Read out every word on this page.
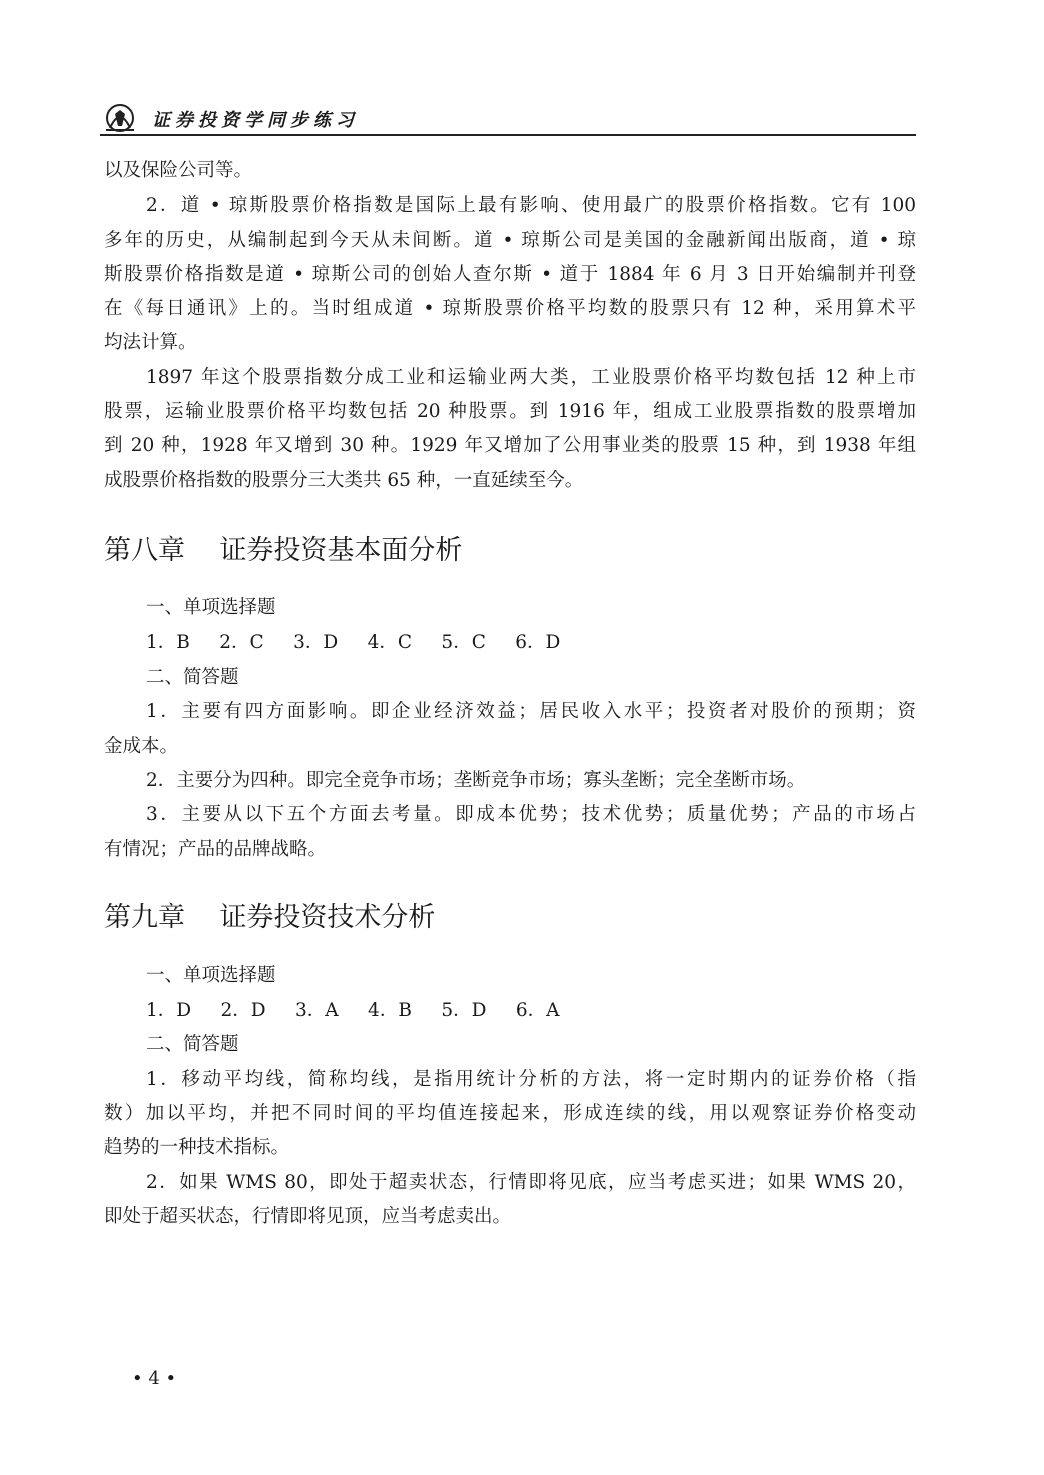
证券投资学同步练习
以及保险公司等。
2．道 • 琼斯股票价格指数是国际上最有影响、使用最广的股票价格指数。它有 100
多年的历史，从编制起到今天从未间断。道 • 琼斯公司是美国的金融新闻出版商，道 • 琼
斯股票价格指数是道 • 琼斯公司的创始人查尔斯 • 道于 1884 年 6 月 3 日开始编制并刊登
在《每日通讯》上的。当时组成道 • 琼斯股票价格平均数的股票只有 12 种，采用算术平
均法计算。
1897 年这个股票指数分成工业和运输业两大类，工业股票价格平均数包括 12 种上市
股票，运输业股票价格平均数包括 20 种股票。到 1916 年，组成工业股票指数的股票增加
到 20 种，1928 年又增到 30 种。1929 年又增加了公用事业类的股票 15 种，到 1938 年组
成股票价格指数的股票分三大类共 65 种，一直延续至今。
第八章    证券投资基本面分析
一、单项选择题
1．B     2．C     3．D     4．C     5．C     6．D
二、简答题
1．主要有四方面影响。即企业经济效益；居民收入水平；投资者对股价的预期；资
金成本。
2．主要分为四种。即完全竞争市场；垄断竞争市场；寡头垄断；完全垄断市场。
3．主要从以下五个方面去考量。即成本优势；技术优势；质量优势；产品的市场占
有情况；产品的品牌战略。
第九章    证券投资技术分析
一、单项选择题
1．D     2．D     3．A     4．B     5．D     6．A
二、简答题
1．移动平均线，简称均线，是指用统计分析的方法，将一定时期内的证券价格（指
数）加以平均，并把不同时间的平均值连接起来，形成连续的线，用以观察证券价格变动
趋势的一种技术指标。
2．如果 WMS 80，即处于超卖状态，行情即将见底，应当考虑买进；如果 WMS 20，
即处于超买状态，行情即将见顶，应当考虑卖出。
• 4 •
